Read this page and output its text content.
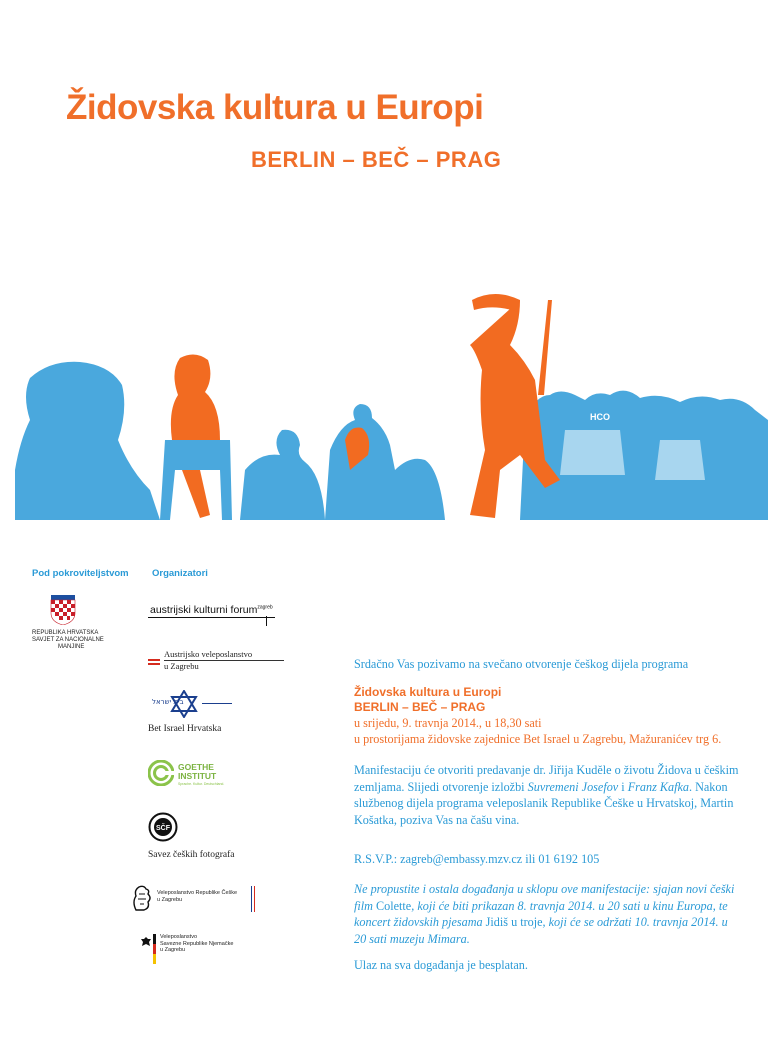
Židovska kultura u Europi
BERLIN – BEČ – PRAG
HCO
Pod pokroviteljstvom Organizatori
REPUBLIKA HRVATSKA
SAVJET ZA NACIONALNE
MANJINE
austrijski kulturni forum$^{zagreb}$
Austrijsko veleposlanstvo
u Zagrebu
בית ישראל
Bet Israel Hrvatska
GOETHE
INSTITUT
Sprache. Kultur. Deutschland.
SČF
Savez čeških fotografa
Veleposlanstvo Republike Češke
u Zagrebu
Veleposlanstvo
Savezne Republike Njemačke
u Zagrebu
Srdačno Vas pozivamo na svečano otvorenje češkog dijela programa
Židovska kultura u Europi
BERLIN – BEČ – PRAG
u srijedu, 9. travnja 2014., u 18,30 sati
u prostorijama židovske zajednice Bet Israel u Zagrebu, Mažuranićev trg 6.
Manifestaciju će otvoriti predavanje dr. Jiřija Kudĕle o životu Židova u češkim zemljama. Slijedi otvorenje izložbi Suvremeni Josefov i Franz Kafka. Nakon službenog dijela programa veleposlanik Republike Češke u Hrvatskoj, Martin Košatka, poziva Vas na čašu vina.
R.S.V.P.: zagreb@embassy.mzv.cz ili 01 6192 105
Ne propustite i ostala događanja u sklopu ove manifestacije: sjajan novi češki film Colette, koji će biti prikazan 8. travnja 2014. u 20 sati u kinu Europa, te koncert židovskih pjesama Jidiš u troje, koji će se održati 10. travnja 2014. u 20 sati muzeju Mimara.
Ulaz na sva događanja je besplatan.
